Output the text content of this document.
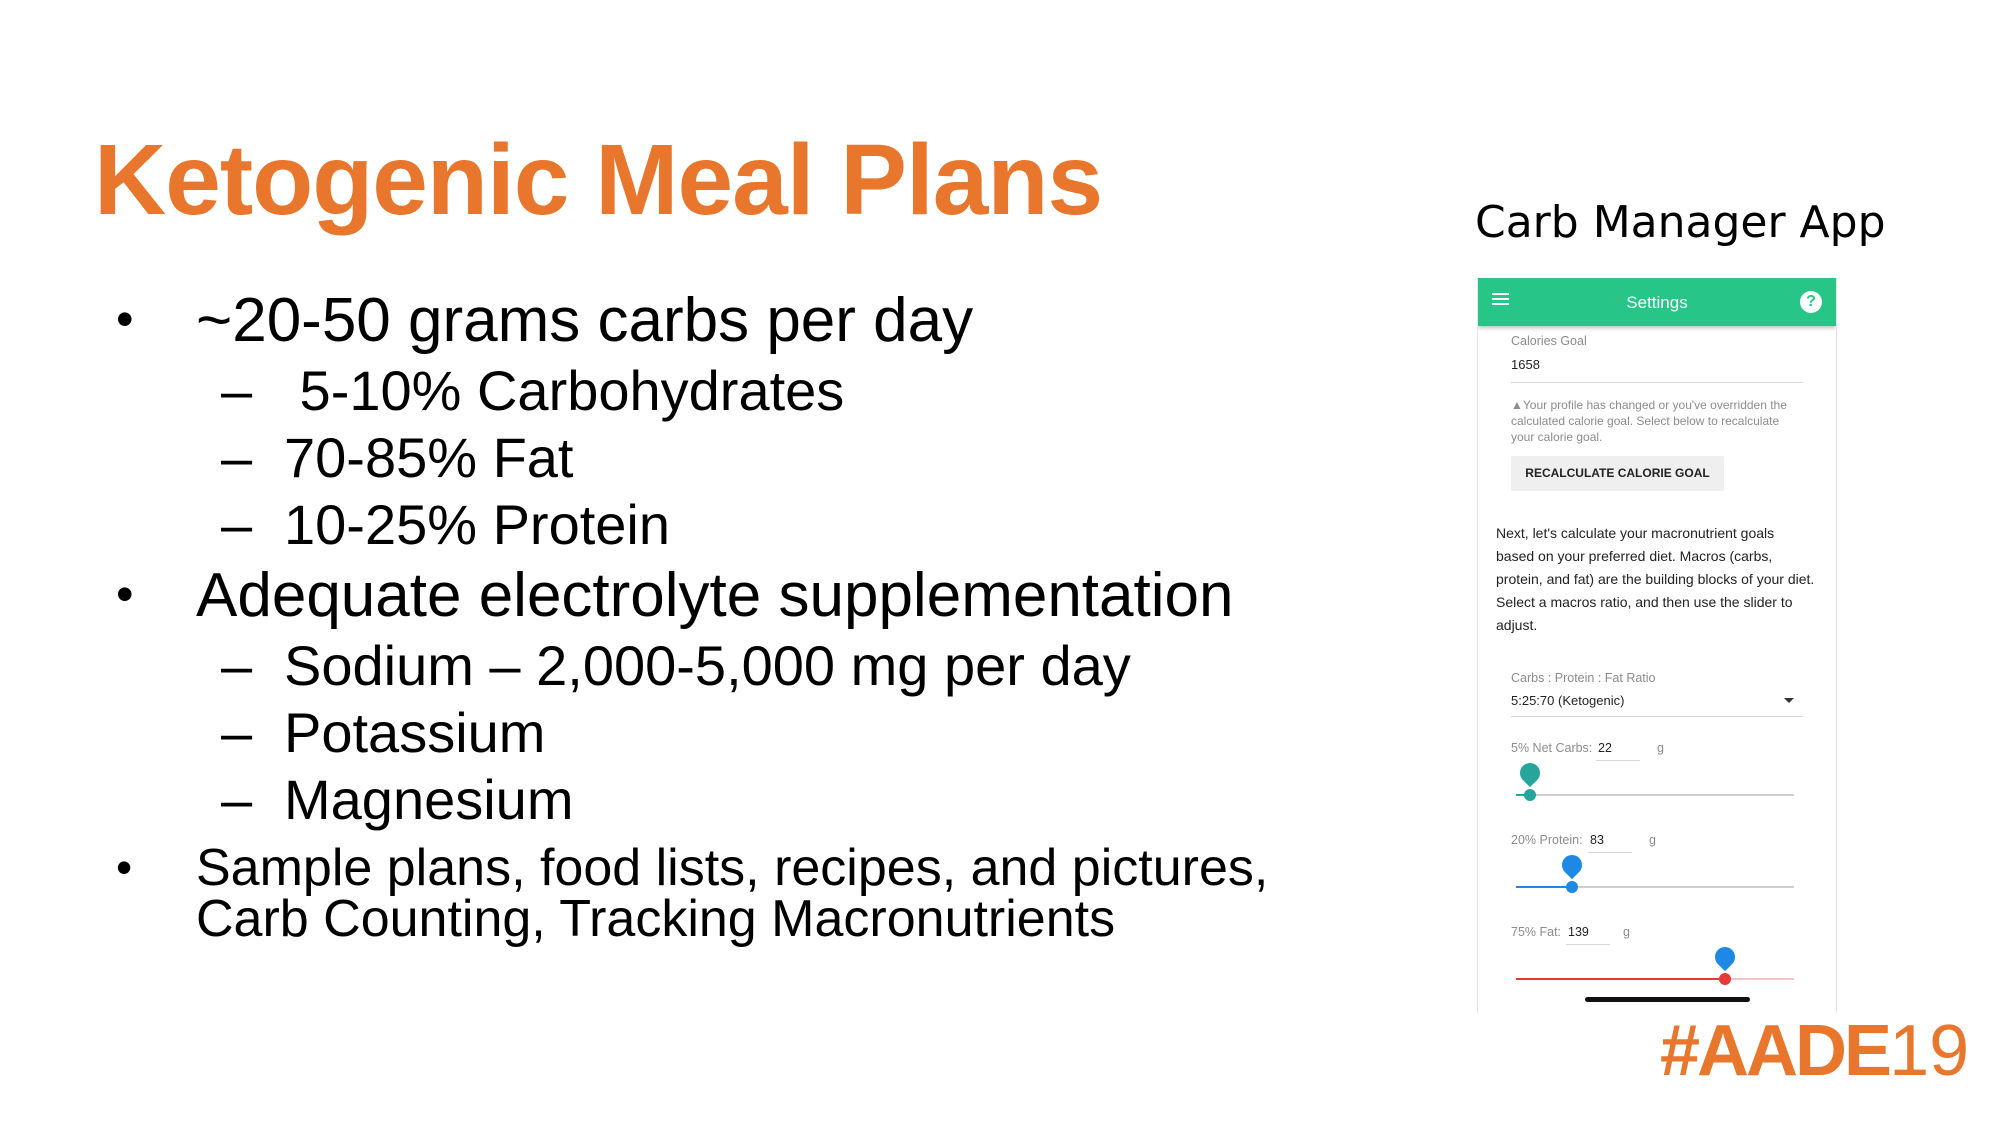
Ketogenic Meal Plans
• ~20-50 grams carbs per day
– 5-10% Carbohydrates
– 70-85% Fat
– 10-25% Protein
• Adequate electrolyte supplementation
– Sodium – 2,000-5,000 mg per day
– Potassium
– Magnesium
• Sample plans, food lists, recipes, and pictures,
Carb Counting, Tracking Macronutrients
Carb Manager App
Settings	?
Calories Goal
1658
▲Your profile has changed or you've overridden the calculated calorie goal. Select below to recalculate your calorie goal.
RECALCULATE CALORIE GOAL
Next, let's calculate your macronutrient goals based on your preferred diet. Macros (carbs, protein, and fat) are the building blocks of your diet. Select a macros ratio, and then use the slider to adjust.
Carbs : Protein : Fat Ratio
5:25:70 (Ketogenic)
5% Net Carbs: 22	g
20% Protein: 83	g
75% Fat: 139	g
#AADE19
